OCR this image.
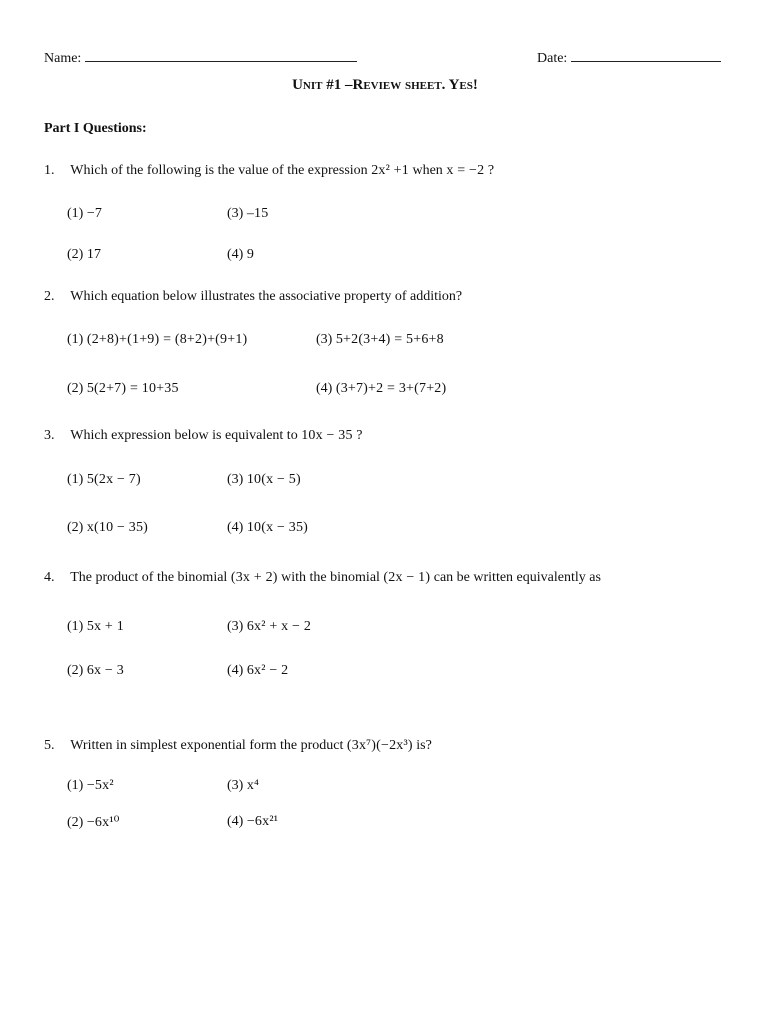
Name:	Date:
Unit #1 –Review sheet. Yes!
Part I Questions:
1. Which of the following is the value of the expression 2x² +1 when x = −2 ?
(1) −7	(3) –15
(2) 17	(4) 9
2. Which equation below illustrates the associative property of addition?
(1) (2+8)+(1+9) = (8+2)+(9+1)	(3) 5+2(3+4) = 5+6+8
(2) 5(2+7) = 10+35	(4) (3+7)+2 = 3+(7+2)
3. Which expression below is equivalent to 10x − 35 ?
(1) 5(2x − 7)	(3) 10(x − 5)
(2) x(10 − 35)	(4) 10(x − 35)
4. The product of the binomial (3x + 2) with the binomial (2x − 1) can be written equivalently as
(1) 5x + 1	(3) 6x² + x − 2
(2) 6x − 3	(4) 6x² − 2
5. Written in simplest exponential form the product (3x⁷)(−2x³) is?
(1) −5x²	(3) x⁴
(2) −6x¹⁰	(4) −6x²¹
